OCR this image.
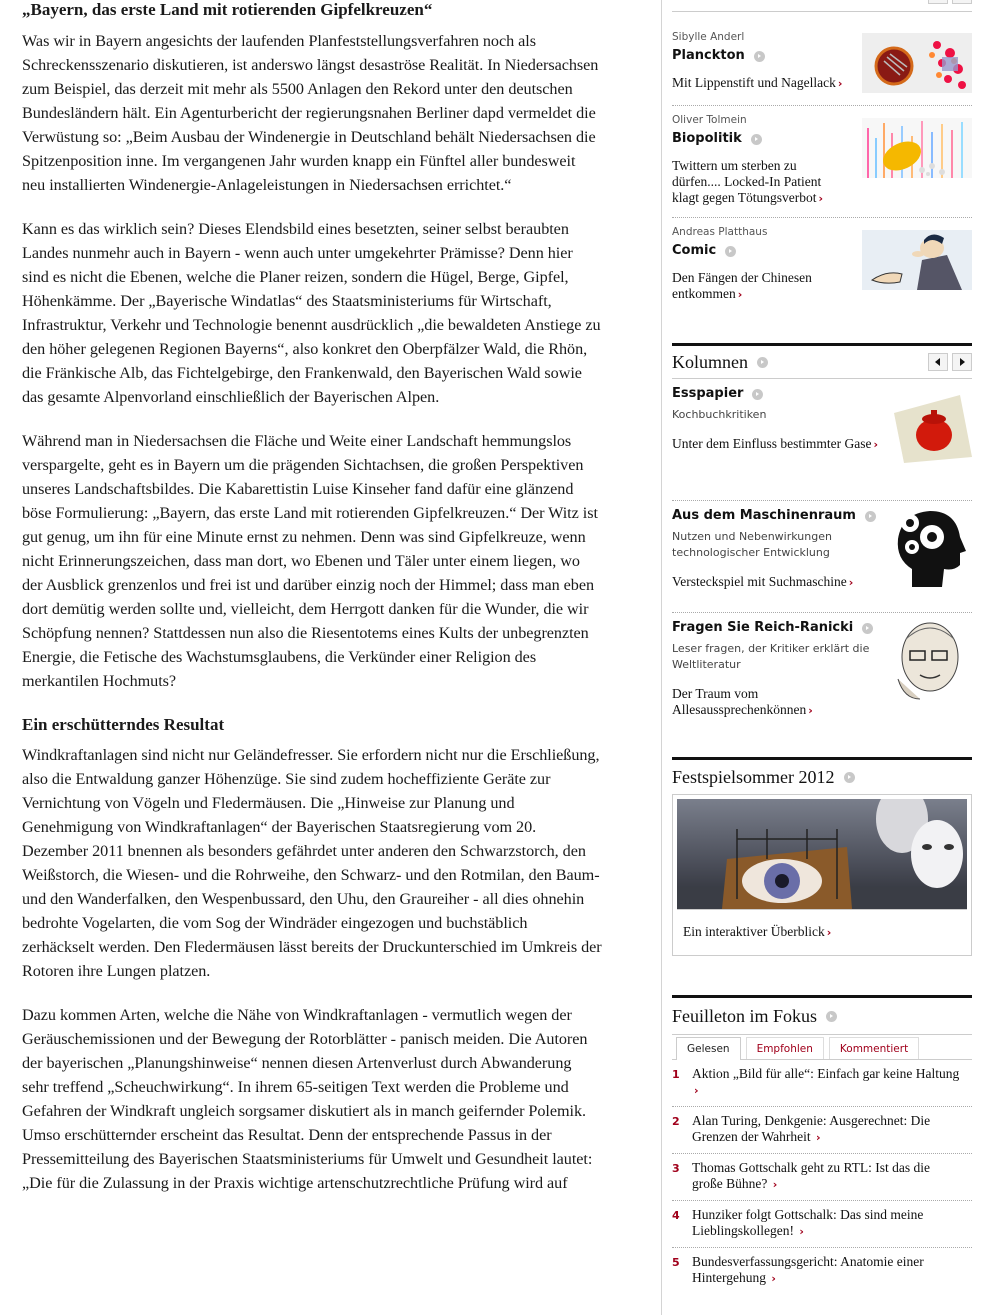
„Bayern, das erste Land mit rotierenden Gipfelkreuzen“

Was wir in Bayern angesichts der laufenden Planfeststellungsverfahren noch als Schreckensszenario diskutieren, ist anderswo längst desaströse Realität. In Niedersachsen zum Beispiel, das derzeit mit mehr als 5500 Anlagen den Rekord unter den deutschen Bundesländern hält. Ein Agenturbericht der regierungsnahen Berliner dapd vermeldet die Verwüstung so: „Beim Ausbau der Windenergie in Deutschland behält Niedersachsen die Spitzenposition inne. Im vergangenen Jahr wurden knapp ein Fünftel aller bundesweit neu installierten Windenergie-Anlageleistungen in Niedersachsen errichtet.“

Kann es das wirklich sein? Dieses Elendsbild eines besetzten, seiner selbst beraubten Landes nunmehr auch in Bayern - wenn auch unter umgekehrter Prämisse? Denn hier sind es nicht die Ebenen, welche die Planer reizen, sondern die Hügel, Berge, Gipfel, Höhenkämme. Der „Bayerische Windatlas“ des Staatsministeriums für Wirtschaft, Infrastruktur, Verkehr und Technologie benennt ausdrücklich „die bewaldeten Anstiege zu den höher gelegenen Regionen Bayerns“, also konkret den Oberpfälzer Wald, die Rhön, die Fränkische Alb, das Fichtelgebirge, den Frankenwald, den Bayerischen Wald sowie das gesamte Alpenvorland einschließlich der Bayerischen Alpen.

Während man in Niedersachsen die Fläche und Weite einer Landschaft hemmungslos verspargelte, geht es in Bayern um die prägenden Sichtachsen, die großen Perspektiven unseres Landschaftsbildes. Die Kabarettistin Luise Kinseher fand dafür eine glänzend böse Formulierung: „Bayern, das erste Land mit rotierenden Gipfelkreuzen.“ Der Witz ist gut genug, um ihn für eine Minute ernst zu nehmen. Denn was sind Gipfelkreuze, wenn nicht Erinnerungszeichen, dass man dort, wo Ebenen und Täler unter einem liegen, wo der Ausblick grenzenlos und frei ist und darüber einzig noch der Himmel; dass man eben dort demütig werden sollte und, vielleicht, dem Herrgott danken für die Wunder, die wir Schöpfung nennen? Stattdessen nun also die Riesentotems eines Kults der unbegrenzten Energie, die Fetische des Wachstumsglaubens, die Verkünder einer Religion des merkantilen Hochmuts?

Ein erschütterndes Resultat

Windkraftanlagen sind nicht nur Geländefresser. Sie erfordern nicht nur die Erschließung, also die Entwaldung ganzer Höhenzüge. Sie sind zudem hocheffiziente Geräte zur Vernichtung von Vögeln und Fledermäusen. Die „Hinweise zur Planung und Genehmigung von Windkraftanlagen“ der Bayerischen Staatsregierung vom 20. Dezember 2011 bnennen als besonders gefährdet unter anderen den Schwarzstorch, den Weißstorch, die Wiesen- und die Rohrweihe, den Schwarz- und den Rotmilan, den Baum- und den Wanderfalken, den Wespenbussard, den Uhu, den Graureiher - all dies ohnehin bedrohte Vogelarten, die vom Sog der Windräder eingezogen und buchstäblich zerhäckselt werden. Den Fledermäusen lässt bereits der Druckunterschied im Umkreis der Rotoren ihre Lungen platzen.

Dazu kommen Arten, welche die Nähe von Windkraftanlagen - vermutlich wegen der Geräuschemissionen und der Bewegung der Rotorblätter - panisch meiden. Die Autoren der bayerischen „Planungshinweise“ nennen diesen Artenverlust durch Abwanderung sehr treffend „Scheuchwirkung“. In ihrem 65-seitigen Text werden die Probleme und Gefahren der Windkraft ungleich sorgsamer diskutiert als in manch geifernder Polemik. Umso erschütternder erscheint das Resultat. Denn der entsprechende Passus in der Pressemitteilung des Bayerischen Staatsministeriums für Umwelt und Gesundheit lautet: „Die für die Zulassung in der Praxis wichtige artenschutzrechtliche Prüfung wird auf

Sibylle Anderl
Planckton
Mit Lippenstift und Nagellack ›
Oliver Tolmein
Biopolitik
Twittern um sterben zu dürfen.... Locked-In Patient klagt gegen Tötungsverbot ›
Andreas Platthaus
Comic
Den Fängen der Chinesen entkommen ›
Kolumnen
Esspapier
Kochbuchkritiken
Unter dem Einfluss bestimmter Gase ›
Aus dem Maschinenraum
Nutzen und Nebenwirkungen technologischer Entwicklung
Versteckspiel mit Suchmaschine ›
Fragen Sie Reich-Ranicki
Leser fragen, der Kritiker erklärt die Weltliteratur
Der Traum vom Allesaussprechenkönnen ›
Festspielsommer 2012
Ein interaktiver Überblick ›
Feuilleton im Fokus
Gelesen	Empfohlen	Kommentiert
1 Aktion „Bild für alle“: Einfach gar keine Haltung ›
2 Alan Turing, Denkgenie: Ausgerechnet: Die Grenzen der Wahrheit ›
3 Thomas Gottschalk geht zu RTL: Ist das die große Bühne? ›
4 Hunziker folgt Gottschalk: Das sind meine Lieblingskollegen! ›
5 Bundesverfassungsgericht: Anatomie einer Hintergehung ›
